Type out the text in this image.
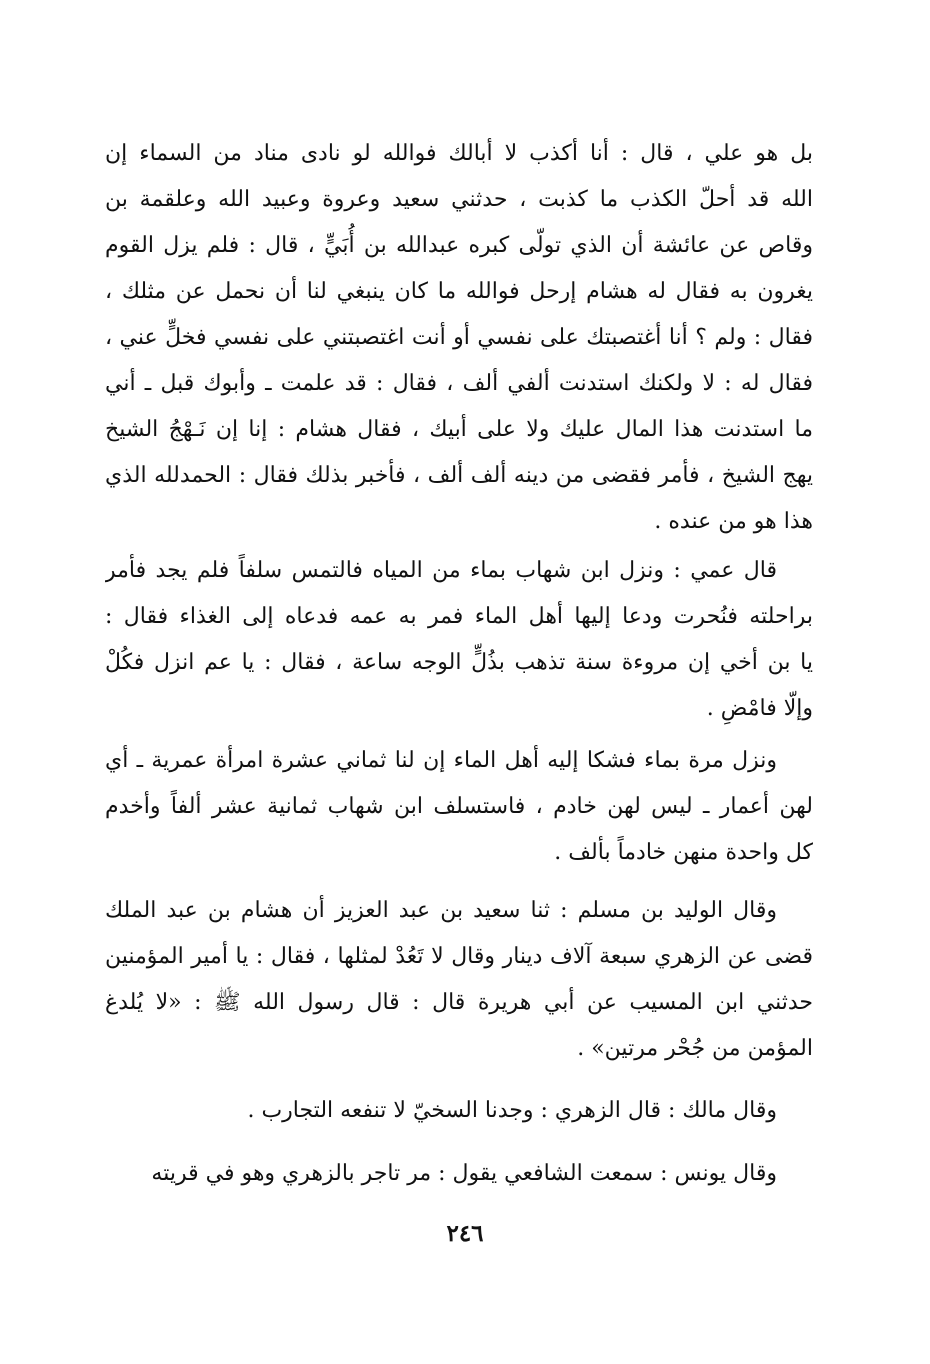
بل هو علي ، قال : أنا أكذب لا أبالك فوالله لو نادى مناد من السماء إن
الله قد أحلّ الكذب ما كذبت ، حدثني سعيد وعروة وعبيد الله وعلقمة بن
وقاص عن عائشة أن الذي تولّى كبره عبدالله بن أُبَيٍّ ، قال : فلم يزل القوم
يغرون به فقال له هشام إرحل فوالله ما كان ينبغي لنا أن نحمل عن مثلك ،
فقال : ولم ؟ أنا أغتصبتك على نفسي أو أنت اغتصبتني على نفسي فخلٍّ عني ،
فقال له : لا ولكنك استدنت ألفي ألف ، فقال : قد علمت ـ وأبوك قبل ـ أني
ما استدنت هذا المال عليك ولا على أبيك ، فقال هشام : إنا إن نَـهْجُ الشيخ
يهج الشيخ ، فأمر فقضى من دينه ألف ألف ، فأخبر بذلك فقال : الحمدلله الذي
هذا هو من عنده .
قال عمي : ونزل ابن شهاب بماء من المياه فالتمس سلفاً فلم يجد فأمر
براحلته فنُحرت ودعا إليها أهل الماء فمر به عمه فدعاه إلى الغذاء فقال :
يا بن أخي إن مروءة سنة تذهب بذُلٍّ الوجه ساعة ، فقال : يا عم انزل فكُلْ
وإلّا فامْضِ .
ونزل مرة بماء فشكا إليه أهل الماء إن لنا ثماني عشرة امرأة عمرية ـ أي
لهن أعمار ـ ليس لهن خادم ، فاستسلف ابن شهاب ثمانية عشر ألفاً وأخدم
كل واحدة منهن خادماً بألف .
وقال الوليد بن مسلم : ثنا سعيد بن عبد العزيز أن هشام بن عبد الملك
قضى عن الزهري سبعة آلاف دينار وقال لا تَعُدْ لمثلها ، فقال : يا أمير المؤمنين
حدثني ابن المسيب عن أبي هريرة قال : قال رسول الله ﷺ : «لا يُلدغ
المؤمن من جُحْر مرتين» .
وقال مالك : قال الزهري : وجدنا السخيّ لا تنفعه التجارب .
وقال يونس : سمعت الشافعي يقول : مر تاجر بالزهري وهو في قريته
٢٤٦
